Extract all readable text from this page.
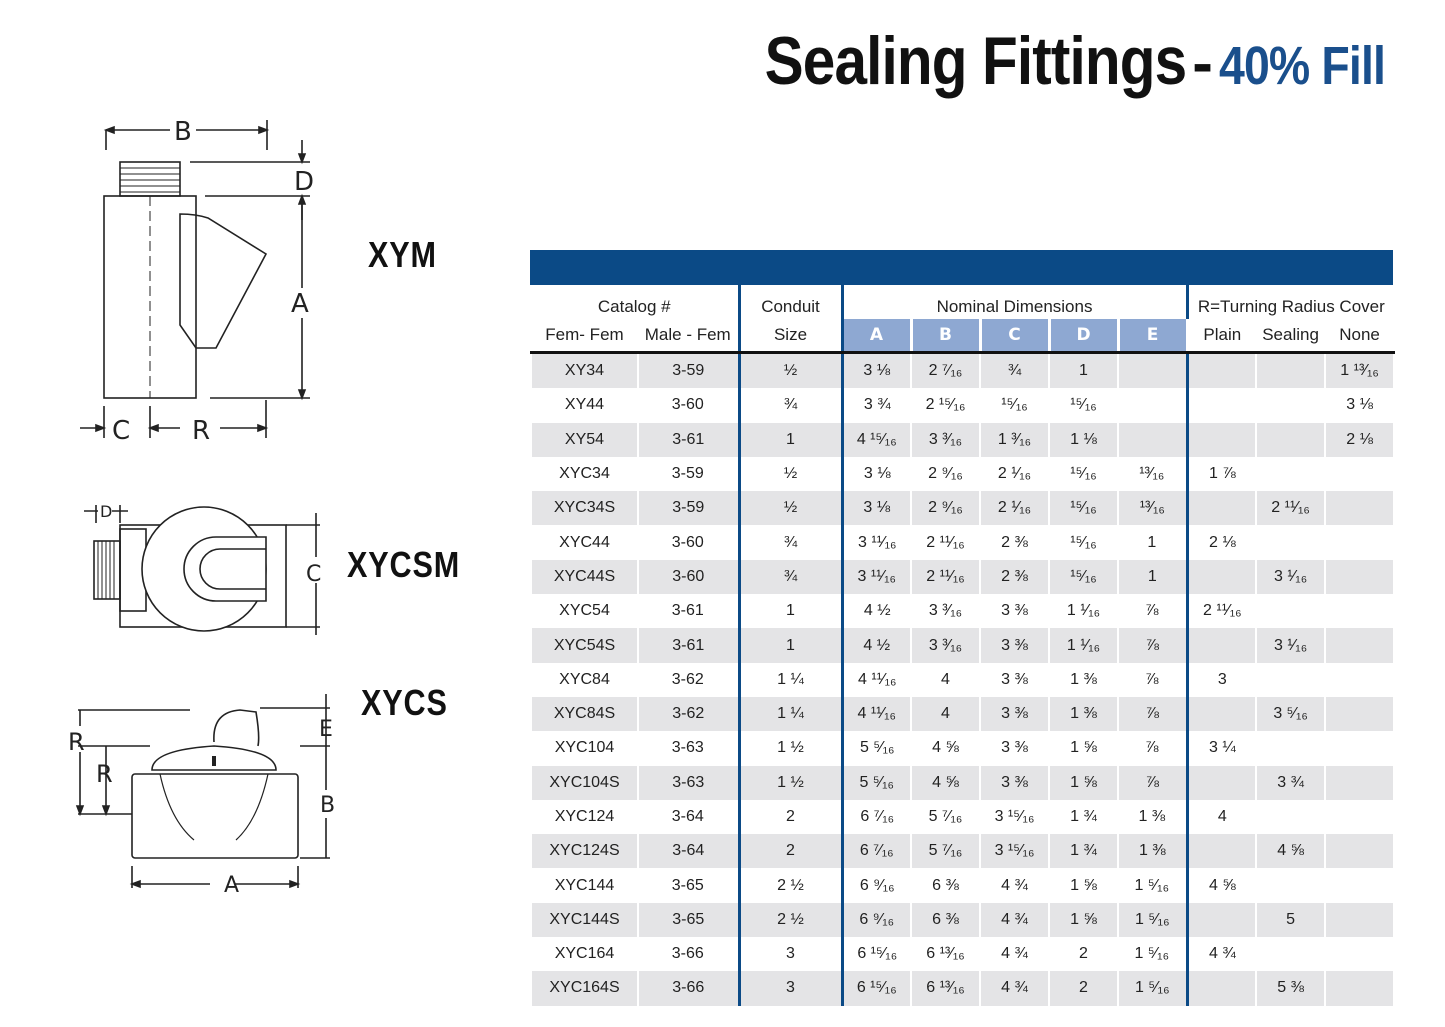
Sealing Fittings- 40% Fill
XYM
XYCSM
XYCS
B
D
A
C R
D
C
R
R
E
B
A
Catalog #		Conduit	Nominal Dimensions					R=Turning Radius Cover		
Fem- Fem	Male - Fem	Size	A	B	C	D	E	Plain	Sealing	None
XY34	3-59	½	3 ⅛	2 ⁷⁄₁₆	¾	1				1 ¹³⁄₁₆
XY44	3-60	¾	3 ¾	2 ¹⁵⁄₁₆	¹⁵⁄₁₆	¹⁵⁄₁₆				3 ⅛
XY54	3-61	1	4 ¹⁵⁄₁₆	3 ³⁄₁₆	1 ³⁄₁₆	1 ⅛				2 ⅛
XYC34	3-59	½	3 ⅛	2 ⁹⁄₁₆	2 ¹⁄₁₆	¹⁵⁄₁₆	¹³⁄₁₆	1 ⅞		
XYC34S	3-59	½	3 ⅛	2 ⁹⁄₁₆	2 ¹⁄₁₆	¹⁵⁄₁₆	¹³⁄₁₆		2 ¹¹⁄₁₆	
XYC44	3-60	¾	3 ¹¹⁄₁₆	2 ¹¹⁄₁₆	2 ⅜	¹⁵⁄₁₆	1	2 ⅛		
XYC44S	3-60	¾	3 ¹¹⁄₁₆	2 ¹¹⁄₁₆	2 ⅜	¹⁵⁄₁₆	1		3 ¹⁄₁₆	
XYC54	3-61	1	4 ½	3 ³⁄₁₆	3 ⅜	1 ¹⁄₁₆	⅞	2 ¹¹⁄₁₆		
XYC54S	3-61	1	4 ½	3 ³⁄₁₆	3 ⅜	1 ¹⁄₁₆	⅞		3 ¹⁄₁₆	
XYC84	3-62	1 ¼	4 ¹¹⁄₁₆	4	3 ⅜	1 ⅜	⅞	3		
XYC84S	3-62	1 ¼	4 ¹¹⁄₁₆	4	3 ⅜	1 ⅜	⅞		3 ⁵⁄₁₆	
XYC104	3-63	1 ½	5 ⁵⁄₁₆	4 ⅝	3 ⅜	1 ⅝	⅞	3 ¼		
XYC104S	3-63	1 ½	5 ⁵⁄₁₆	4 ⅝	3 ⅜	1 ⅝	⅞		3 ¾	
XYC124	3-64	2	6 ⁷⁄₁₆	5 ⁷⁄₁₆	3 ¹⁵⁄₁₆	1 ¾	1 ⅜	4		
XYC124S	3-64	2	6 ⁷⁄₁₆	5 ⁷⁄₁₆	3 ¹⁵⁄₁₆	1 ¾	1 ⅜		4 ⅝	
XYC144	3-65	2 ½	6 ⁹⁄₁₆	6 ⅜	4 ¾	1 ⅝	1 ⁵⁄₁₆	4 ⅝		
XYC144S	3-65	2 ½	6 ⁹⁄₁₆	6 ⅜	4 ¾	1 ⅝	1 ⁵⁄₁₆		5	
XYC164	3-66	3	6 ¹⁵⁄₁₆	6 ¹³⁄₁₆	4 ¾	2	1 ⁵⁄₁₆	4 ¾		
XYC164S	3-66	3	6 ¹⁵⁄₁₆	6 ¹³⁄₁₆	4 ¾	2	1 ⁵⁄₁₆		5 ⅜	
